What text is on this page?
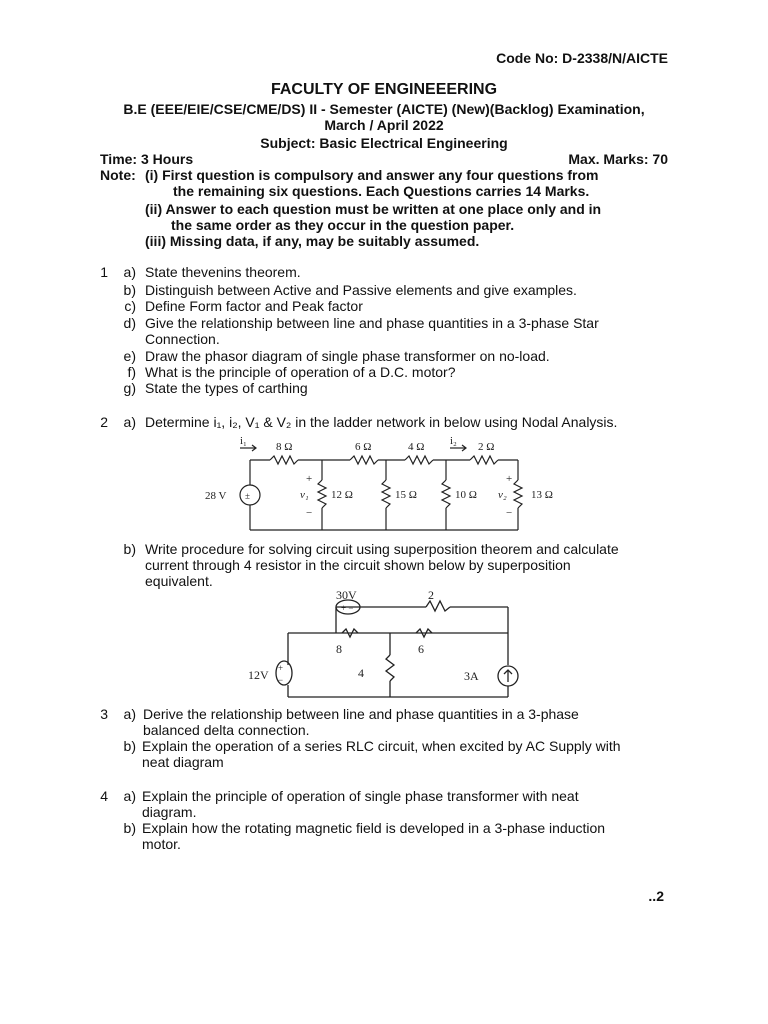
Code No: D-2338/N/AICTE
FACULTY OF ENGINEEERING
B.E (EEE/EIE/CSE/CME/DS) II - Semester (AICTE) (New)(Backlog) Examination,
March / April 2022
Subject: Basic Electrical Engineering
Time: 3 Hours	Max. Marks: 70
Note: (i) First question is compulsory and answer any four questions from
the remaining six questions. Each Questions carries 14 Marks.
(ii) Answer to each question must be written at one place only and in
the same order as they occur in the question paper.
(iii) Missing data, if any, may be suitably assumed.
1	a) State thevenins theorem.
b) Distinguish between Active and Passive elements and give examples.
c) Define Form factor and Peak factor
d) Give the relationship between line and phase quantities in a 3-phase Star
Connection.
e) Draw the phasor diagram of single phase transformer on no-load.
f) What is the principle of operation of a D.C. motor?
g) State the types of carthing
2	a) Determine i₁, i₂, V₁ & V₂ in the ladder network in below using Nodal Analysis.
i₁	i₂
8 Ω	6 Ω	4 Ω	2 Ω
28 V ±
+
v₁
−
12 Ω	15 Ω	10 Ω
+
v₂
−
13 Ω
b) Write procedure for solving circuit using superposition theorem and calculate
current through 4 resistor in the circuit shown below by superposition
equivalent.
30V
+ −
2
8	6
4
12V +
−	3A
3	a) Derive the relationship between line and phase quantities in a 3-phase
balanced delta connection.
b) Explain the operation of a series RLC circuit, when excited by AC Supply with
neat diagram
4	a) Explain the principle of operation of single phase transformer with neat
diagram.
b) Explain how the rotating magnetic field is developed in a 3-phase induction
motor.
..2
